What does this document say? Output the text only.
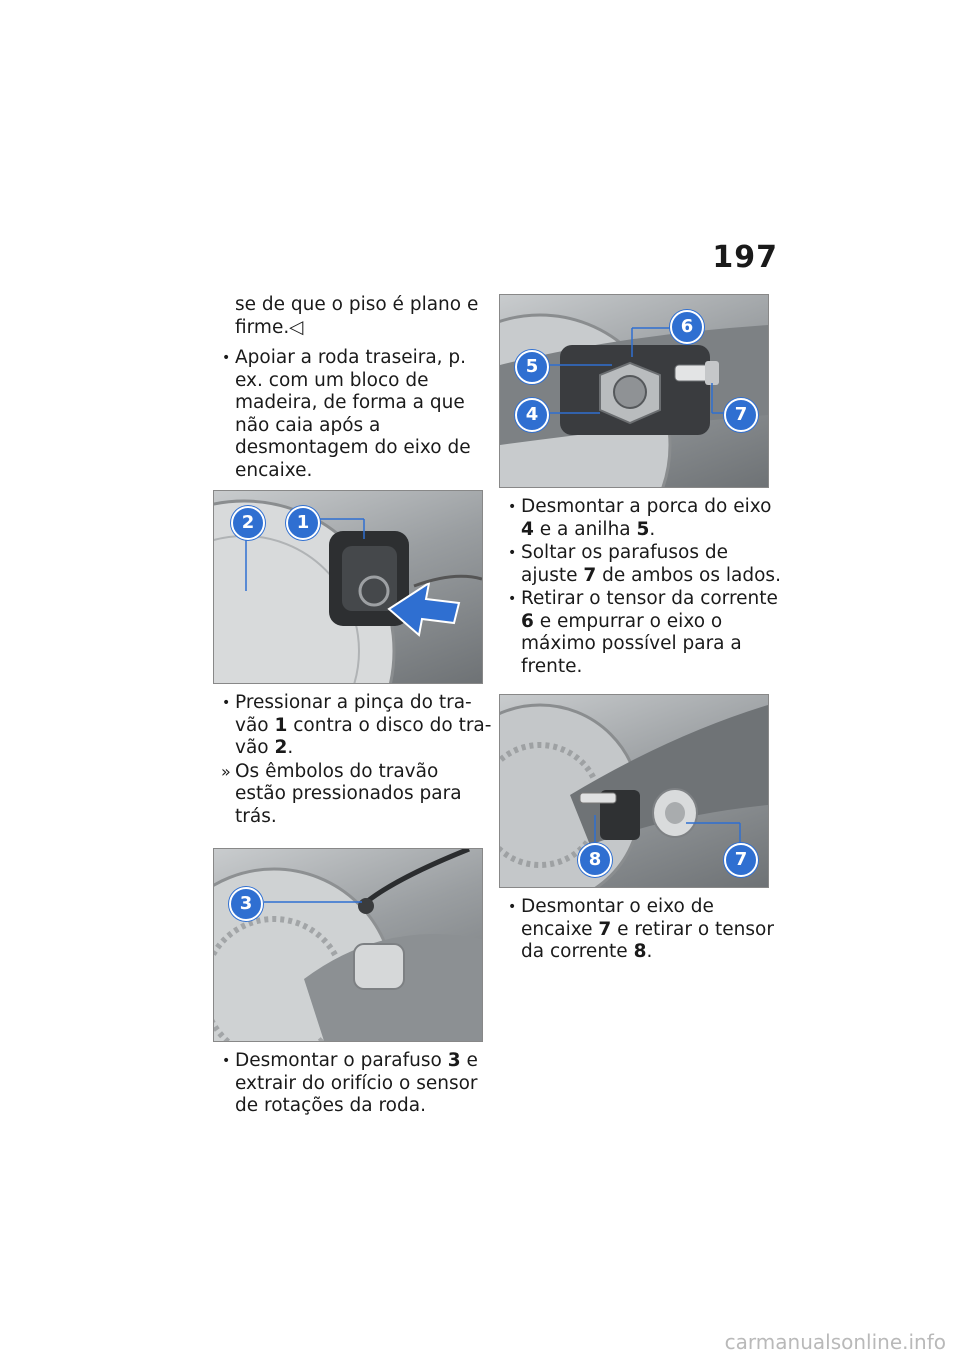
197

se de que o piso é plano e firme.◁

• Apoiar a roda traseira, p. ex. com um bloco de madeira, de forma a que não caia após a desmontagem do eixo de encaixe.

2	1

• Pressionar a pinça do tra-vão 1 contra o disco do tra-vão 2.

» Os êmbolos do travão estão pressionados para trás.

3

• Desmontar o parafuso 3 e extrair do orifício o sensor de rotações da roda.

6
5
4	7

• Desmontar a porca do eixo 4 e a anilha 5.

• Soltar os parafusos de ajuste 7 de ambos os lados.

• Retirar o tensor da corrente 6 e empurrar o eixo o máximo possível para a frente.

8	7

• Desmontar o eixo de encaixe 7 e retirar o tensor da corrente 8.

carmanualsonline.info
